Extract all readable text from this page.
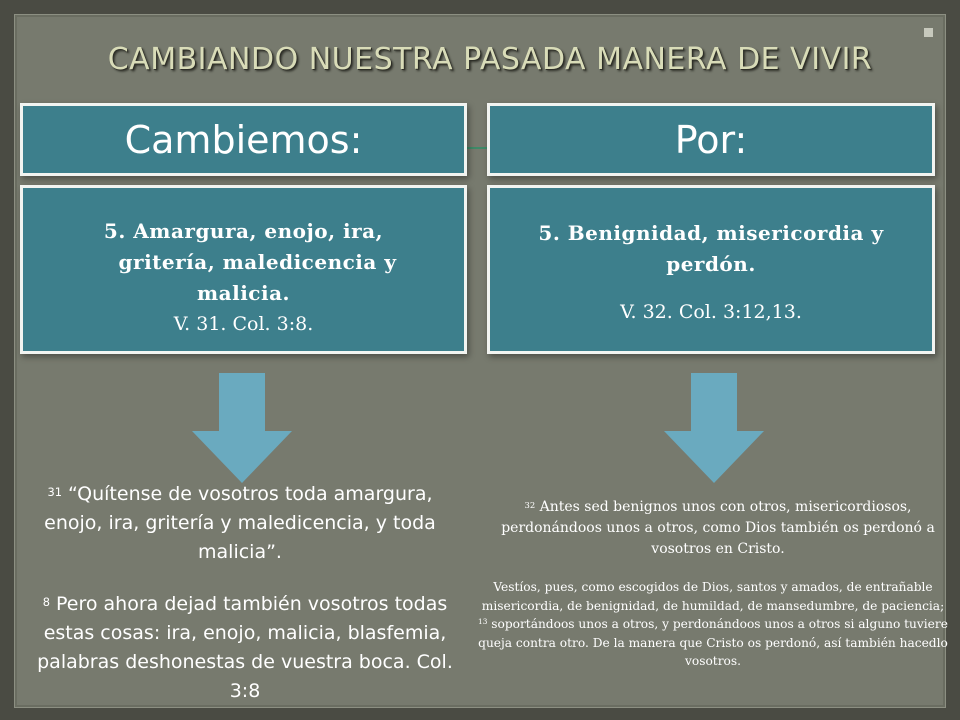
CAMBIANDO NUESTRA PASADA MANERA DE VIVIR
Cambiemos:	Por:
5. Amargura, enojo, ira,
gritería, maledicencia y
malicia.
V. 31. Col. 3:8.
5. Benignidad, misericordia y
perdón.
V. 32. Col. 3:12,13.

$^{31}$ “Quítense de vosotros toda amargura, enojo, ira, gritería y maledicencia, y toda malicia”.

$^8$ Pero ahora dejad también vosotros todas estas cosas: ira, enojo, malicia, blasfemia, palabras deshonestas de vuestra boca. Col. 3:8

$^{32}$ Antes sed benignos unos con otros, misericordiosos, perdonándoos unos a otros, como Dios también os perdonó a vosotros en Cristo.

Vestíos, pues, como escogidos de Dios, santos y amados, de entrañable misericordia, de benignidad, de humildad, de mansedumbre, de paciencia; $^{13}$ soportándoos unos a otros, y perdonándoos unos a otros si alguno tuviere queja contra otro. De la manera que Cristo os perdonó, así también hacedlo vosotros.
